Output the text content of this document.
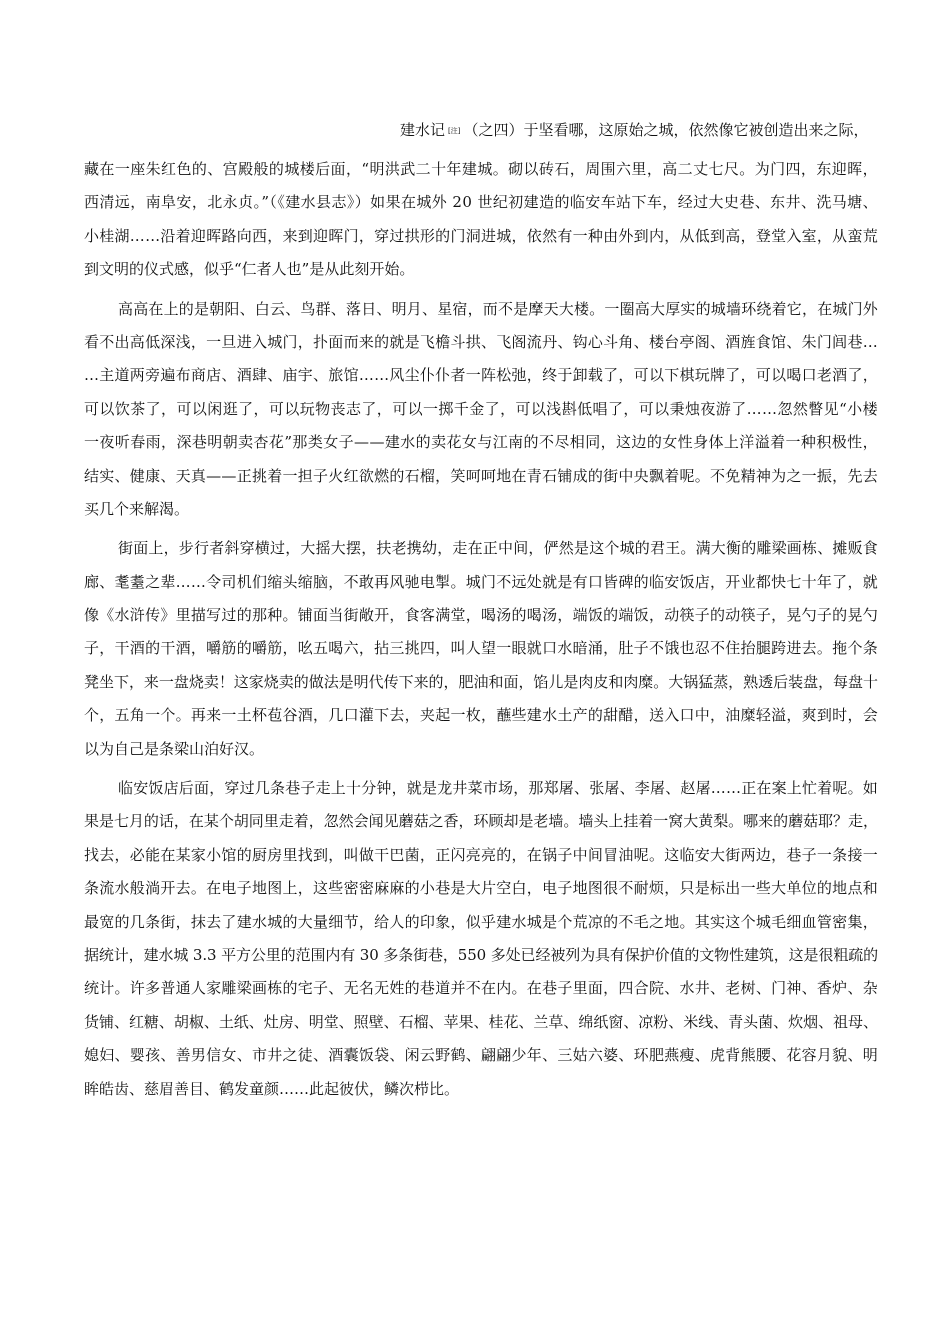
建水记 [注] （之四）于坚看哪，这原始之城，依然像它被创造出来之际，
藏在一座朱红色的、宫殿般的城楼后面，“明洪武二十年建城。砌以砖石，周围六里，高二丈七尺。为门四，东迎晖，
西清远，南阜安，北永贞。”（《建水县志》）如果在城外 20 世纪初建造的临安车站下车，经过大史巷、东井、洗马塘、
小桂湖……沿着迎晖路向西，来到迎晖门，穿过拱形的门洞进城，依然有一种由外到内，从低到高，登堂入室，从蛮荒
到文明的仪式感，似乎“仁者人也”是从此刻开始。
高高在上的是朝阳、白云、鸟群、落日、明月、星宿，而不是摩天大楼。一圈高大厚实的城墙环绕着它，在城门外
看不出高低深浅，一旦进入城门，扑面而来的就是飞檐斗拱、飞阁流丹、钩心斗角、楼台亭阁、酒旌食馆、朱门闾巷…
…主道两旁遍布商店、酒肆、庙宇、旅馆……风尘仆仆者一阵松弛，终于卸载了，可以下棋玩牌了，可以喝口老酒了，
可以饮茶了，可以闲逛了，可以玩物丧志了，可以一掷千金了，可以浅斟低唱了，可以秉烛夜游了……忽然瞥见“小楼
一夜听春雨，深巷明朝卖杏花”那类女子——建水的卖花女与江南的不尽相同，这边的女性身体上洋溢着一种积极性，
结实、健康、天真——正挑着一担子火红欲燃的石榴，笑呵呵地在青石铺成的街中央飘着呢。不免精神为之一振，先去
买几个来解渴。
街面上，步行者斜穿横过，大摇大摆，扶老携幼，走在正中间，俨然是这个城的君王。满大衡的雕梁画栋、摊贩食
廊、耄耋之辈……令司机们缩头缩脑，不敢再风驰电掣。城门不远处就是有口皆碑的临安饭店，开业都快七十年了，就
像《水浒传》里描写过的那种。铺面当街敞开，食客满堂，喝汤的喝汤，端饭的端饭，动筷子的动筷子，晃勺子的晃勺
子，干酒的干酒，嚼筋的嚼筋，吆五喝六，拈三挑四，叫人望一眼就口水暗涌，肚子不饿也忍不住抬腿跨进去。拖个条
凳坐下，来一盘烧卖！这家烧卖的做法是明代传下来的，肥油和面，馅儿是肉皮和肉糜。大锅猛蒸，熟透后装盘，每盘十
个，五角一个。再来一土杯苞谷酒，几口灌下去，夹起一枚，蘸些建水土产的甜醋，送入口中，油糜轻溢，爽到时，会
以为自己是条梁山泊好汉。
临安饭店后面，穿过几条巷子走上十分钟，就是龙井菜市场，那郑屠、张屠、李屠、赵屠……正在案上忙着呢。如
果是七月的话，在某个胡同里走着，忽然会闻见蘑菇之香，环顾却是老墙。墙头上挂着一窝大黄梨。哪来的蘑菇耶？走，
找去，必能在某家小馆的厨房里找到，叫做干巴菌，正闪亮亮的，在锅子中间冒油呢。这临安大街两边，巷子一条接一
条流水般淌开去。在电子地图上，这些密密麻麻的小巷是大片空白，电子地图很不耐烦，只是标出一些大单位的地点和
最宽的几条街，抹去了建水城的大量细节，给人的印象，似乎建水城是个荒凉的不毛之地。其实这个城毛细血管密集，
据统计，建水城 3.3 平方公里的范围内有 30 多条街巷，550 多处已经被列为具有保护价值的文物性建筑，这是很粗疏的
统计。许多普通人家雕梁画栋的宅子、无名无姓的巷道并不在内。在巷子里面，四合院、水井、老树、门神、香炉、杂
货铺、红糖、胡椒、土纸、灶房、明堂、照壁、石榴、苹果、桂花、兰草、绵纸窗、凉粉、米线、青头菌、炊烟、祖母、
媳妇、婴孩、善男信女、市井之徒、酒囊饭袋、闲云野鹤、翩翩少年、三姑六婆、环肥燕瘦、虎背熊腰、花容月貌、明
眸皓齿、慈眉善目、鹤发童颜……此起彼伏，鳞次栉比。
